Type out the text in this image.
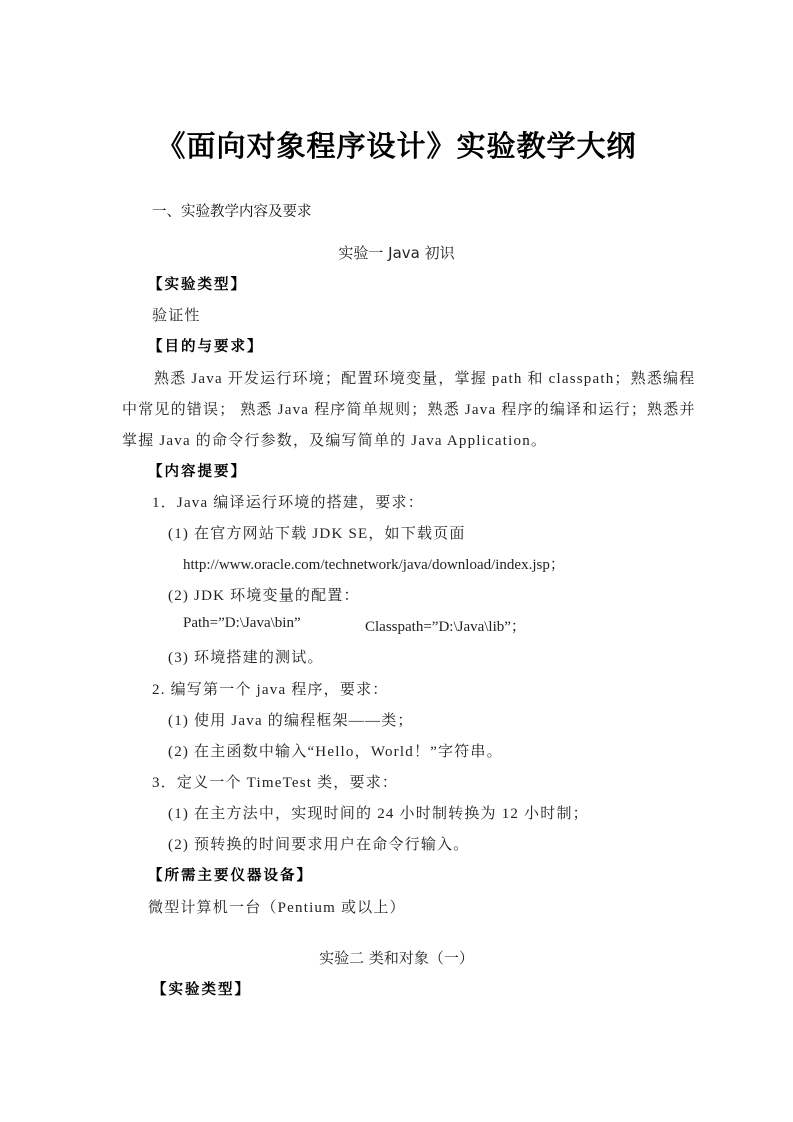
《面向对象程序设计》实验教学大纲
一、实验教学内容及要求
实验一 Java 初识
【实验类型】
验证性
【目的与要求】
熟悉 Java 开发运行环境；配置环境变量，掌握 path 和 classpath；熟悉编程
中常见的错误； 熟悉 Java 程序简单规则；熟悉 Java 程序的编译和运行；熟悉并
掌握 Java 的命令行参数，及编写简单的 Java Application。
【内容提要】
1．Java 编译运行环境的搭建，要求：
(1) 在官方网站下载 JDK SE，如下载页面
http://www.oracle.com/technetwork/java/download/index.jsp；
(2) JDK 环境变量的配置：
Path=”D:\Java\bin”	Classpath=”D:\Java\lib”；
(3) 环境搭建的测试。
2. 编写第一个 java 程序，要求：
(1) 使用 Java 的编程框架——类；
(2) 在主函数中输入“Hello，World！”字符串。
3．定义一个 TimeTest 类，要求：
(1) 在主方法中，实现时间的 24 小时制转换为 12 小时制；
(2) 预转换的时间要求用户在命令行输入。
【所需主要仪器设备】
微型计算机一台（Pentium 或以上）
实验二 类和对象（一）
【实验类型】
